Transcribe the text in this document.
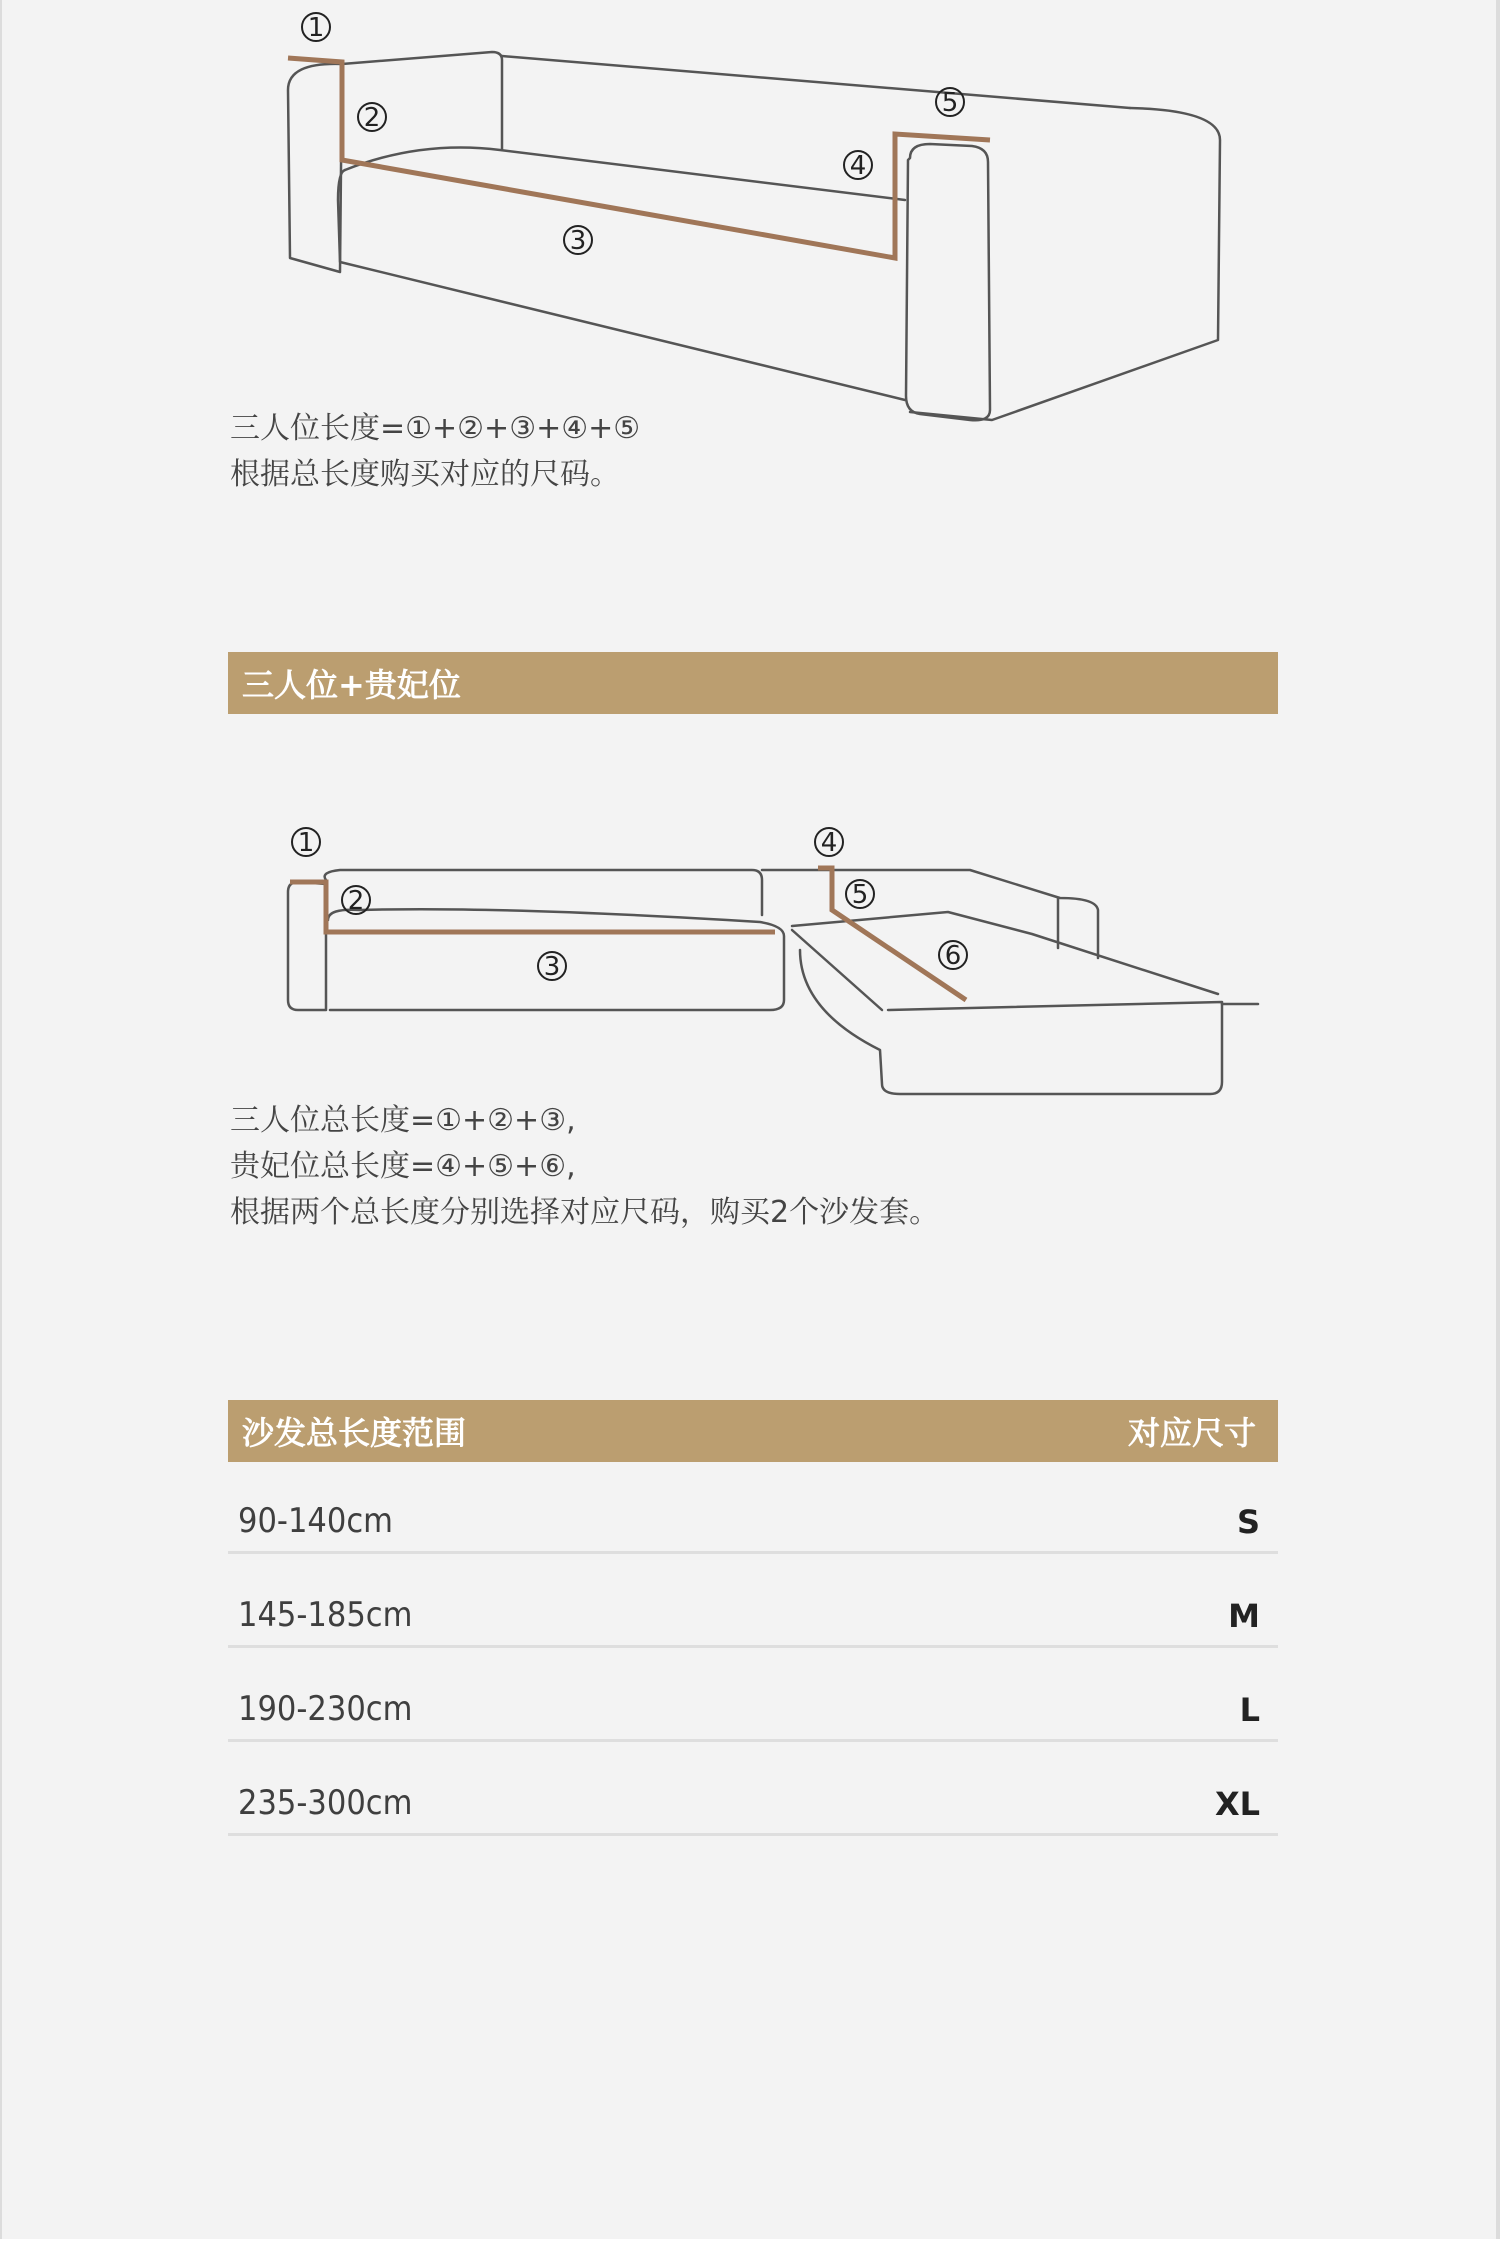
1
2
3
4
5
三人位长度=①+②+③+④+⑤
根据总长度购买对应的尺码。
三人位+贵妃位
1
2
3
4
5
6
三人位总长度=①+②+③,
贵妃位总长度=④+⑤+⑥,
根据两个总长度分别选择对应尺码，购买2个沙发套。
沙发总长度范围	对应尺寸
90-140cm	S
145-185cm	M
190-230cm	L
235-300cm	XL
